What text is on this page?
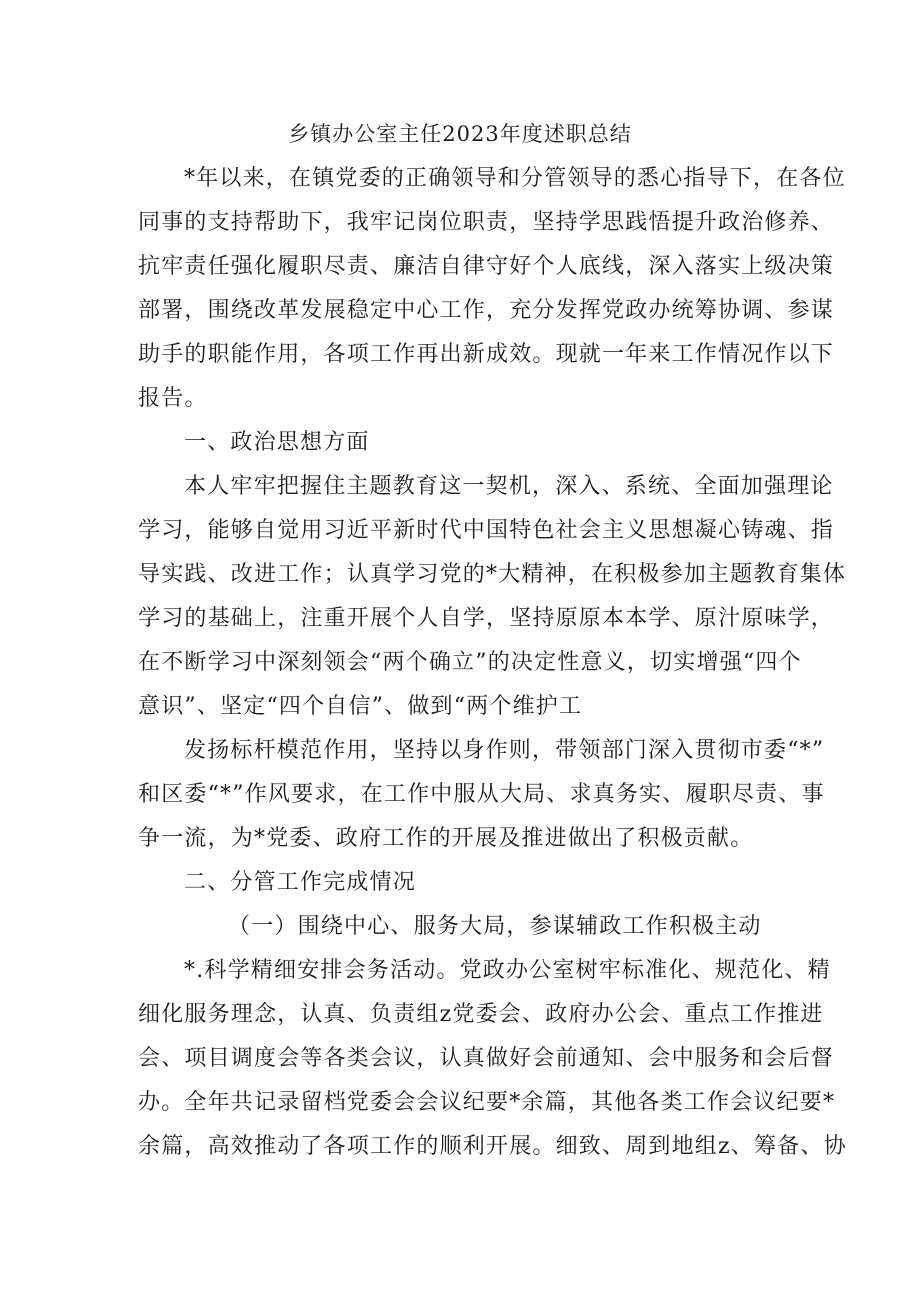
乡镇办公室主任2023年度述职总结
*年以来，在镇党委的正确领导和分管领导的悉心指导下，在各位
同事的支持帮助下，我牢记岗位职责，坚持学思践悟提升政治修养、
抗牢责任强化履职尽责、廉洁自律守好个人底线，深入落实上级决策
部署，围绕改革发展稳定中心工作，充分发挥党政办统筹协调、参谋
助手的职能作用，各项工作再出新成效。现就一年来工作情况作以下
报告。
一、政治思想方面
本人牢牢把握住主题教育这一契机，深入、系统、全面加强理论
学习，能够自觉用习近平新时代中国特色社会主义思想凝心铸魂、指
导实践、改进工作；认真学习党的*大精神，在积极参加主题教育集体
学习的基础上，注重开展个人自学，坚持原原本本学、原汁原味学，
在不断学习中深刻领会“两个确立”的决定性意义，切实增强“四个
意识”、坚定“四个自信”、做到“两个维护工
发扬标杆模范作用，坚持以身作则，带领部门深入贯彻市委“*”
和区委“*”作风要求，在工作中服从大局、求真务实、履职尽责、事
争一流，为*党委、政府工作的开展及推进做出了积极贡献。
二、分管工作完成情况
（一）围绕中心、服务大局，参谋辅政工作积极主动
*.科学精细安排会务活动。党政办公室树牢标准化、规范化、精
细化服务理念，认真、负责组z党委会、政府办公会、重点工作推进
会、项目调度会等各类会议，认真做好会前通知、会中服务和会后督
办。全年共记录留档党委会会议纪要*余篇，其他各类工作会议纪要*
余篇，高效推动了各项工作的顺利开展。细致、周到地组z、筹备、协
